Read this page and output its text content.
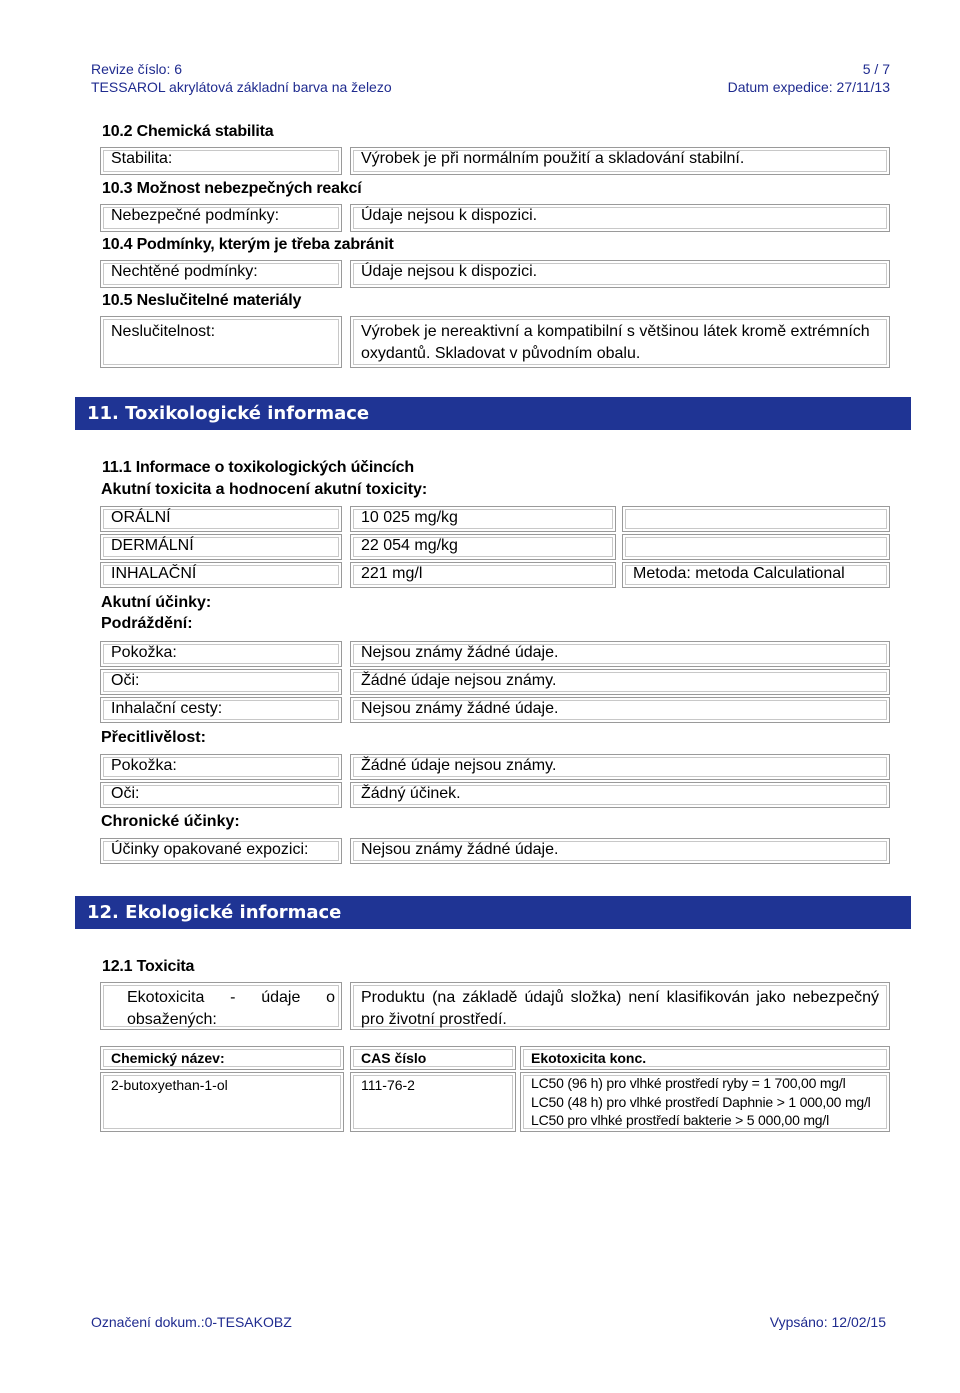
Revize číslo: 6
TESSAROL akrylátová základní barva na železo
5 / 7
Datum expedice: 27/11/13
10.2 Chemická stabilita
Stabilita:	Výrobek je při normálním použití a skladování stabilní.
10.3 Možnost nebezpečných reakcí
Nebezpečné podmínky:	Údaje nejsou k dispozici.
10.4 Podmínky, kterým je třeba zabránit
Nechtěné podmínky:	Údaje nejsou k dispozici.
10.5 Neslučitelné materiály
Neslučitelnost:	Výrobek je nereaktivní a kompatibilní s většinou látek kromě extrémních oxydantů. Skladovat v původním obalu.
11. Toxikologické informace
11.1 Informace o toxikologických účincích
Akutní toxicita a hodnocení akutní toxicity:
ORÁLNÍ	10 025 mg/kg
DERMÁLNÍ	22 054 mg/kg
INHALAČNÍ	221 mg/l	Metoda: metoda Calculational
Akutní účinky:
Podráždění:
Pokožka:	Nejsou známy žádné údaje.
Oči:	Žádné údaje nejsou známy.
Inhalační cesty:	Nejsou známy žádné údaje.
Přecitlivělost:
Pokožka:	Žádné údaje nejsou známy.
Oči:	Žádný účinek.
Chronické účinky:
Účinky opakované expozici:	Nejsou známy žádné údaje.
12. Ekologické informace
12.1 Toxicita
Ekotoxicita - údaje o obsažených:
Produktu (na základě údajů složka) není klasifikován jako nebezpečný pro životní prostředí.
Chemický název:	CAS číslo	Ekotoxicita konc.
2-butoxyethan-1-ol	111-76-2	LC50 (96 h) pro vlhké prostředí ryby = 1 700,00 mg/l
LC50 (48 h) pro vlhké prostředí Daphnie > 1 000,00 mg/l
LC50 pro vlhké prostředí bakterie > 5 000,00 mg/l
Označení dokum.:0-TESAKOBZ	Vypsáno: 12/02/15
